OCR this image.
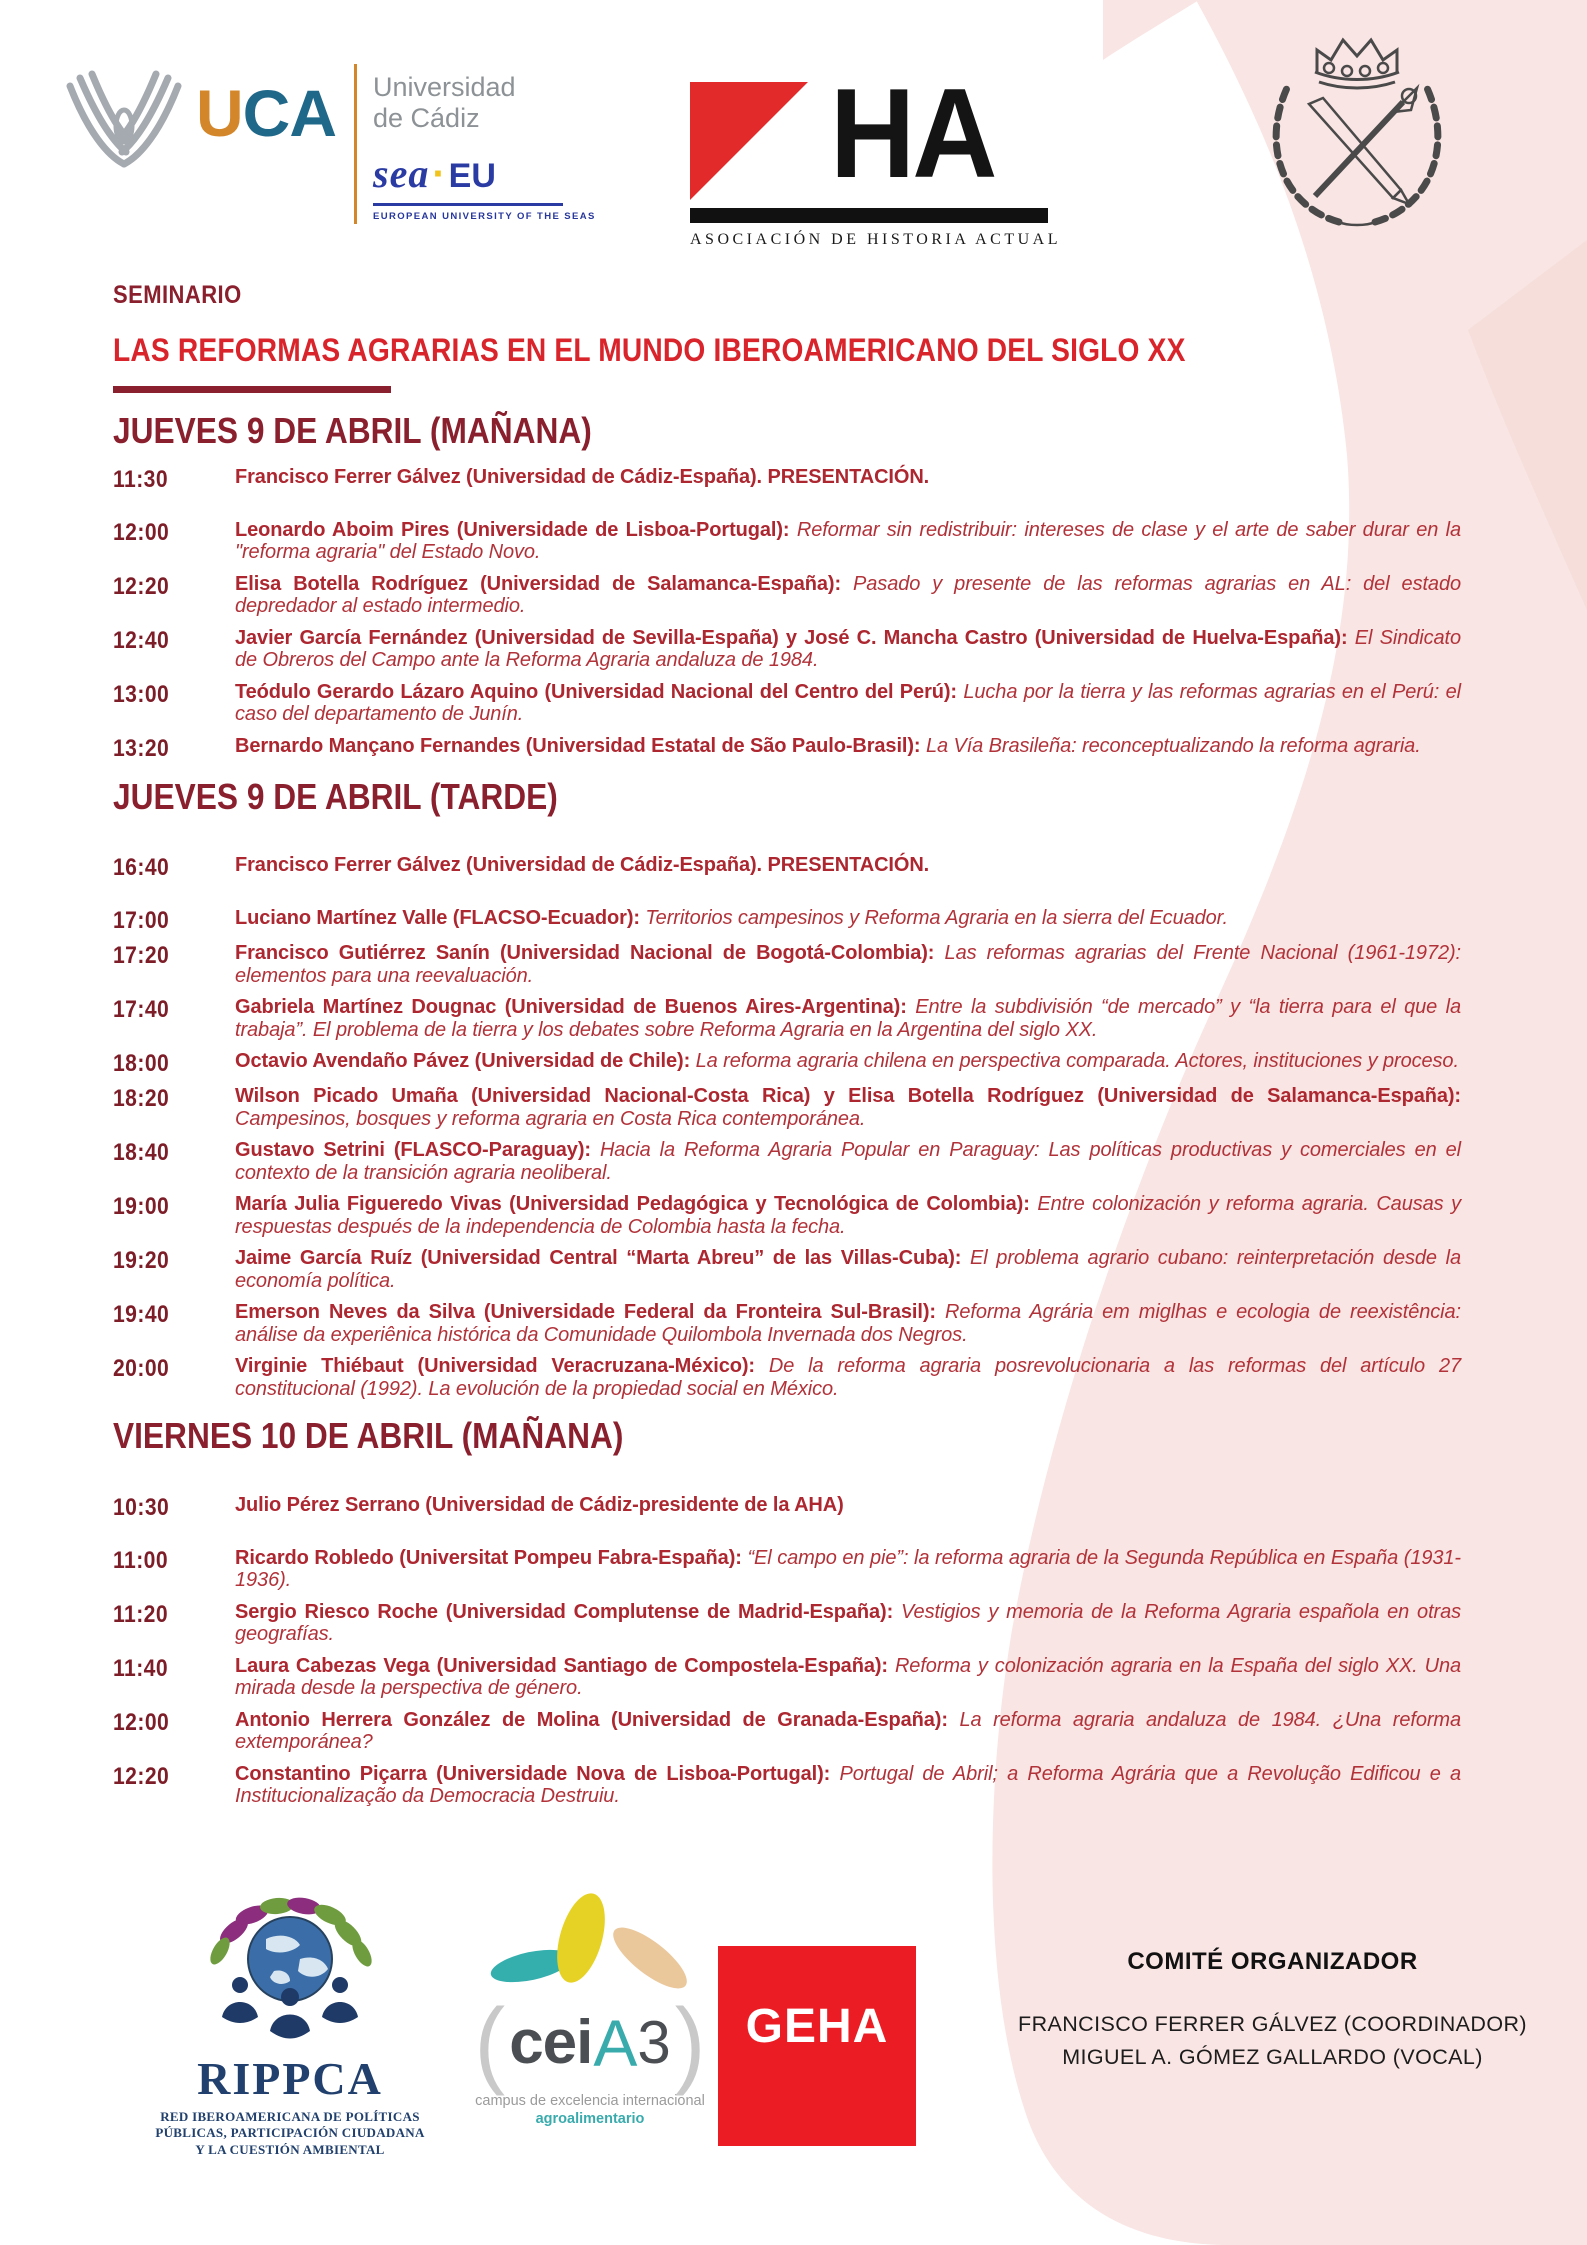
UCA Universidad
de Cádiz
sea · EU
EUROPEAN UNIVERSITY OF THE SEAS
HA
ASOCIACIÓN DE HISTORIA ACTUAL
SEMINARIO
LAS REFORMAS AGRARIAS EN EL MUNDO IBEROAMERICANO DEL SIGLO XX
JUEVES 9 DE ABRIL (MAÑANA)
11:30	Francisco Ferrer Gálvez (Universidad de Cádiz-España). PRESENTACIÓN.

12:00	Leonardo Aboim Pires (Universidade de Lisboa-Portugal): Reformar sin redistribuir: intereses de clase y el arte de saber durar en la "reforma agraria" del Estado Novo.

12:20	Elisa Botella Rodríguez (Universidad de Salamanca-España): Pasado y presente de las reformas agrarias en AL: del estado depredador al estado intermedio.

12:40	Javier García Fernández (Universidad de Sevilla-España) y José C. Mancha Castro (Universidad de Huelva-España): El Sindicato de Obreros del Campo ante la Reforma Agraria andaluza de 1984.

13:00	Teódulo Gerardo Lázaro Aquino (Universidad Nacional del Centro del Perú): Lucha por la tierra y las reformas agrarias en el Perú: el caso del departamento de Junín.

13:20	Bernardo Mançano Fernandes (Universidad Estatal de São Paulo-Brasil): La Vía Brasileña: reconceptualizando la reforma agraria.

JUEVES 9 DE ABRIL (TARDE)
16:40	Francisco Ferrer Gálvez (Universidad de Cádiz-España). PRESENTACIÓN.

17:00	Luciano Martínez Valle (FLACSO-Ecuador): Territorios campesinos y Reforma Agraria en la sierra del Ecuador.

17:20	Francisco Gutiérrez Sanín (Universidad Nacional de Bogotá-Colombia): Las reformas agrarias del Frente Nacional (1961-1972): elementos para una reevaluación.

17:40	Gabriela Martínez Dougnac (Universidad de Buenos Aires-Argentina): Entre la subdivisión “de mercado” y “la tierra para el que la trabaja”. El problema de la tierra y los debates sobre Reforma Agraria en la Argentina del siglo XX.

18:00	Octavio Avendaño Pávez (Universidad de Chile): La reforma agraria chilena en perspectiva comparada. Actores, instituciones y proceso.

18:20	Wilson Picado Umaña (Universidad Nacional-Costa Rica) y Elisa Botella Rodríguez (Universidad de Salamanca-España): Campesinos, bosques y reforma agraria en Costa Rica contemporánea.

18:40	Gustavo Setrini (FLASCO-Paraguay): Hacia la Reforma Agraria Popular en Paraguay: Las políticas productivas y comerciales en el contexto de la transición agraria neoliberal.

19:00	María Julia Figueredo Vivas (Universidad Pedagógica y Tecnológica de Colombia): Entre colonización y reforma agraria. Causas y respuestas después de la independencia de Colombia hasta la fecha.

19:20	Jaime García Ruíz (Universidad Central “Marta Abreu” de las Villas-Cuba): El problema agrario cubano: reinterpretación desde la economía política.

19:40	Emerson Neves da Silva (Universidade Federal da Fronteira Sul-Brasil): Reforma Agrária em miglhas e ecologia de reexistência: análise da experiênica histórica da Comunidade Quilombola Invernada dos Negros.

20:00	Virginie Thiébaut (Universidad Veracruzana-México): De la reforma agraria posrevolucionaria a las reformas del artículo 27 constitucional (1992). La evolución de la propiedad social en México.

VIERNES 10 DE ABRIL (MAÑANA)
10:30	Julio Pérez Serrano (Universidad de Cádiz-presidente de la AHA)

11:00	Ricardo Robledo (Universitat Pompeu Fabra-España): “El campo en pie”: la reforma agraria de la Segunda República en España (1931-1936).

11:20	Sergio Riesco Roche (Universidad Complutense de Madrid-España): Vestigios y memoria de la Reforma Agraria española en otras geografías.

11:40	Laura Cabezas Vega (Universidad Santiago de Compostela-España): Reforma y colonización agraria en la España del siglo XX. Una mirada desde la perspectiva de género.

12:00	Antonio Herrera González de Molina (Universidad de Granada-España): La reforma agraria andaluza de 1984. ¿Una reforma extemporánea?

12:20	Constantino Piçarra (Universidade Nova de Lisboa-Portugal): Portugal de Abril; a Reforma Agrária que a Revolução Edificou e a Institucionalização da Democracia Destruiu.

RIPPCA
RED IBEROAMERICANA DE POLÍTICAS
PÚBLICAS, PARTICIPACIÓN CIUDADANA
Y LA CUESTIÓN AMBIENTAL
( cei A 3 )
campus de excelencia internacional
agroalimentario
GEHA
COMITÉ ORGANIZADOR
FRANCISCO FERRER GÁLVEZ (COORDINADOR)
MIGUEL A. GÓMEZ GALLARDO (VOCAL)
